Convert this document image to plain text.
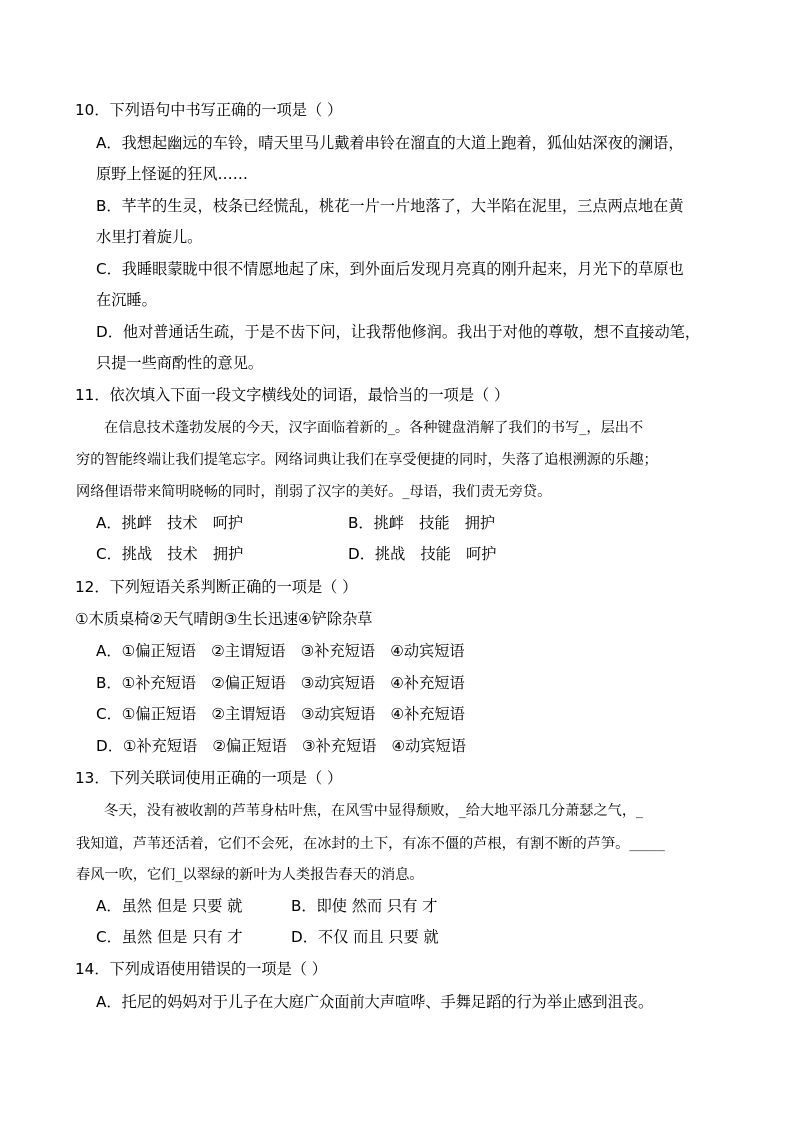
10．下列语句中书写正确的一项是（ ）
A．我想起幽远的车铃，晴天里马儿戴着串铃在溜直的大道上跑着，狐仙姑深夜的澜语，
原野上怪诞的狂风……
B．芊芊的生灵，枝条已经慌乱，桃花一片一片地落了，大半陷在泥里，三点两点地在黄
水里打着旋儿。
C．我睡眼蒙眬中很不情愿地起了床，到外面后发现月亮真的刚升起来，月光下的草原也
在沉睡。
D．他对普通话生疏，于是不齿下问，让我帮他修润。我出于对他的尊敬，想不直接动笔，
只提一些商酌性的意见。
11．依次填入下面一段文字横线处的词语，最恰当的一项是（ ）
在信息技术蓬勃发展的今天，汉字面临着新的_。各种键盘消解了我们的书写_，层出不
穷的智能终端让我们提笔忘字。网络词典让我们在享受便捷的同时，失落了追根溯源的乐趣；
网络俚语带来简明晓畅的同时，削弱了汉字的美好。_母语，我们责无旁贷。
A．挑衅　技术　呵护	B．挑衅　技能　拥护
C．挑战　技术　拥护	D．挑战　技能　呵护
12．下列短语关系判断正确的一项是（ ）
①木质桌椅②天气晴朗③生长迅速④铲除杂草
A．①偏正短语　②主谓短语　③补充短语　④动宾短语
B．①补充短语　②偏正短语　③动宾短语　④补充短语
C．①偏正短语　②主谓短语　③动宾短语　④补充短语
D．①补充短语　②偏正短语　③补充短语　④动宾短语
13．下列关联词使用正确的一项是（ ）
冬天，没有被收割的芦苇身枯叶焦，在风雪中显得颓败，_给大地平添几分萧瑟之气，_
我知道，芦苇还活着，它们不会死，在冰封的土下，有冻不僵的芦根，有割不断的芦笋。_____
春风一吹，它们_以翠绿的新叶为人类报告春天的消息。
A．虽然 但是 只要 就	B．即使 然而 只有 才
C．虽然 但是 只有 才	D．不仅 而且 只要 就
14．下列成语使用错误的一项是（ ）
A．托尼的妈妈对于儿子在大庭广众面前大声喧哗、手舞足蹈的行为举止感到沮丧。
